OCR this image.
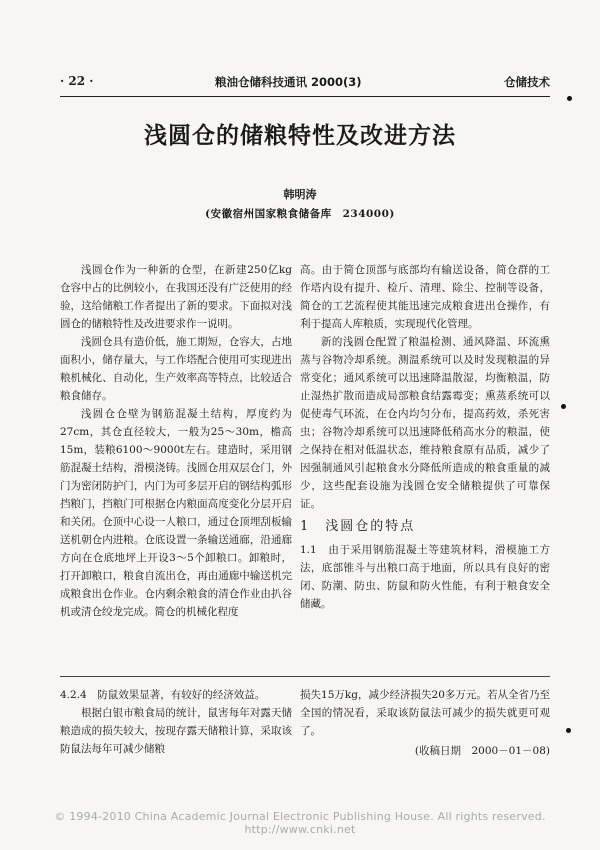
· 22 ·	粮油仓储科技通讯 2000(3)	仓储技术
浅圆仓的储粮特性及改进方法
韩明涛
(安徽宿州国家粮食储备库　234000)

浅圆仓作为一种新的仓型，在新建250亿kg仓容中占的比例较小，在我国还没有广泛使用的经验，这给储粮工作者提出了新的要求。下面拟对浅圆仓的储粮特性及改进要求作一说明。

浅圆仓具有造价低，施工期短，仓容大，占地面积小，储存量大，与工作塔配合使用可实现进出粮机械化、自动化，生产效率高等特点，比较适合粮食储存。

浅圆仓仓壁为钢筋混凝土结构，厚度约为27cm，其仓直径较大，一般为25～30m，檐高15m，装粮6100～9000t左右。建造时，采用钢筋混凝土结构，滑模浇铸。浅圆仓用双层仓门，外门为密闭防护门，内门为可多层开启的钢结构弧形挡粮门，挡粮门可根据仓内粮面高度变化分层开启和关闭。仓顶中心设一人粮口，通过仓顶埋刮板输送机朝仓内进粮。仓底设置一条输送通廊，沿通廊方向在仓底地坪上开设3～5个卸粮口。卸粮时，打开卸粮口，粮食自流出仓，再由通廊中输送机完成粮食出仓作业。仓内剩余粮食的清仓作业由扒谷机或清仓绞龙完成。简仓的机械化程度

高。由于简仓顶部与底部均有输送设备，简仓群的工作塔内设有提升、检斤、清理、除尘、控制等设备，简仓的工艺流程使其能迅速完成粮食进出仓操作，有利于提高人库粮质，实现现代化管理。

新的浅圆仓配置了粮温检测、通风降温、环流熏蒸与谷物冷却系统。测温系统可以及时发现粮温的异常变化；通风系统可以迅速降温散湿，均衡粮温，防止湿热扩散而造成局部粮食结露霉变；熏蒸系统可以促使毒气环流，在仓内均匀分布，提高药效，杀死害虫；谷物冷却系统可以迅速降低稍高水分的粮温，使之保持在相对低温状态，维持粮食原有品质，减少了因强制通风引起粮食水分降低所造成的粮食重量的减少，这些配套设施为浅圆仓安全储粮提供了可靠保证。

1　浅圆仓的特点

1.1　由于采用钢筋混凝土等建筑材料，滑模施工方法，底部锥斗与出粮口高于地面，所以具有良好的密闭、防潮、防虫、防鼠和防火性能，有利于粮食安全储藏。

4.2.4　防鼠效果显著，有较好的经济效益。

根据白银市粮食局的统计，鼠害每年对露天储粮造成的损失较大，按现存露天储粮计算，采取该防鼠法每年可减少储粮

损失15万kg，减少经济损失20多万元。若从全省乃至全国的情况看，采取该防鼠法可减少的损失就更可观了。

(收稿日期　2000－01－08)
© 1994-2010 China Academic Journal Electronic Publishing House. All rights reserved. http://www.cnki.net
